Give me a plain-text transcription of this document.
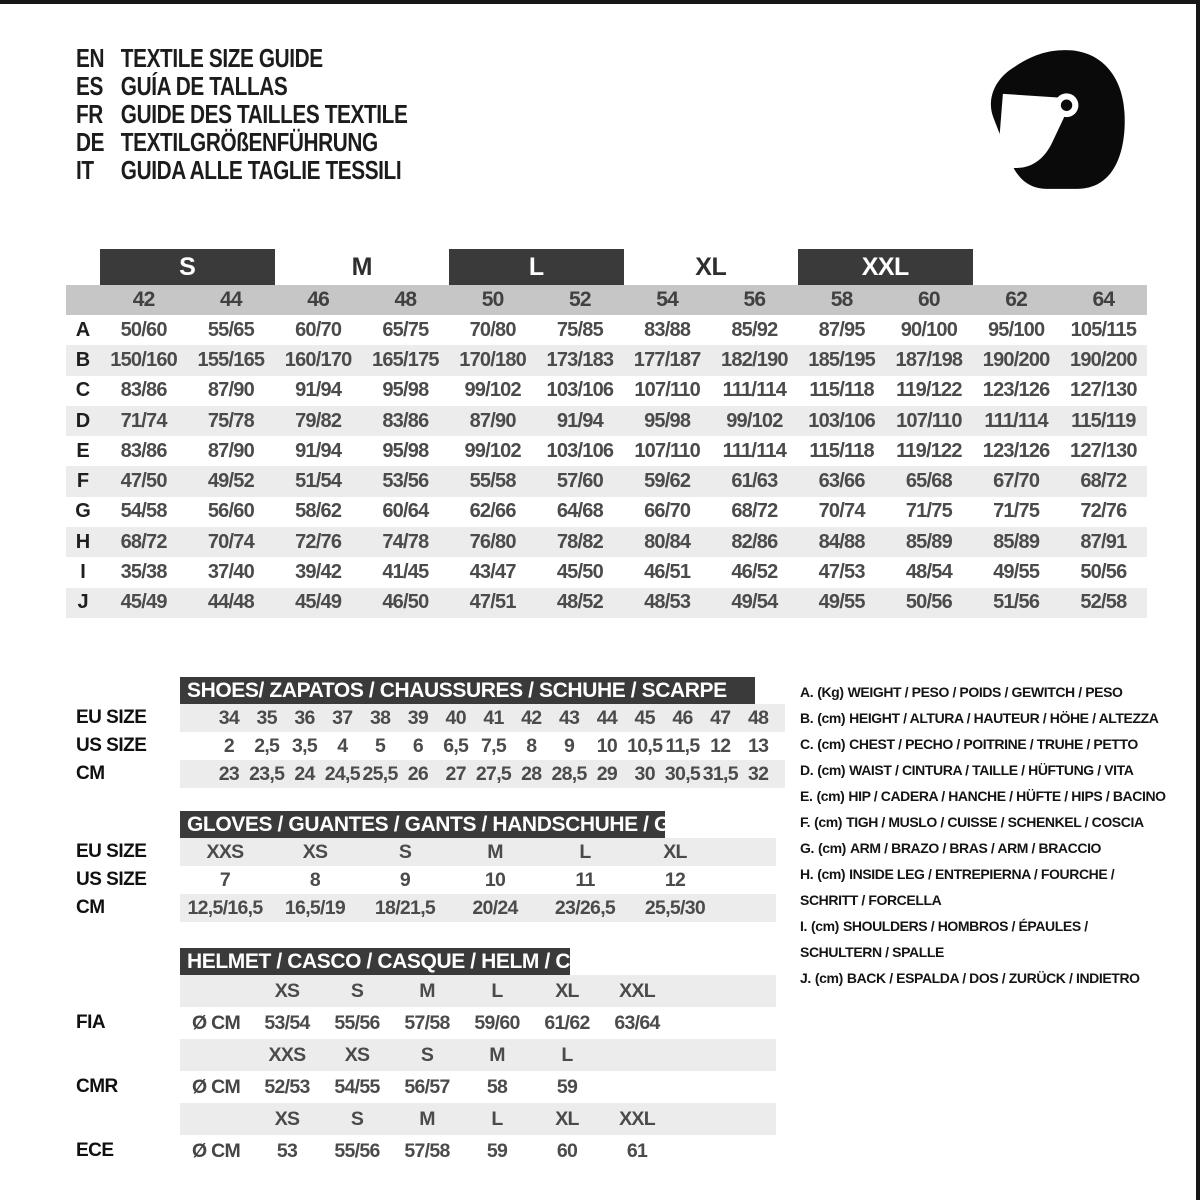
EN TEXTILE SIZE GUIDE
ES GUÍA DE TALLAS
FR GUIDE DES TAILLES TEXTILE
DE TEXTILGRÖßENFÜHRUNG
IT	GUIDA ALLE TAGLIE TESSILI
S	M	L	XL	XXL
42	44	46	48	50	52	54	56	58	60	62	64
A	50/60	55/65	60/70	65/75	70/80	75/85	83/88	85/92	87/95	90/100	95/100	105/115
B	150/160	155/165	160/170	165/175	170/180	173/183	177/187	182/190	185/195	187/198	190/200	190/200
C	83/86	87/90	91/94	95/98	99/102	103/106	107/110	111/114	115/118	119/122	123/126	127/130
D	71/74	75/78	79/82	83/86	87/90	91/94	95/98	99/102	103/106	107/110	111/114	115/119
E	83/86	87/90	91/94	95/98	99/102	103/106	107/110	111/114	115/118	119/122	123/126	127/130
F	47/50	49/52	51/54	53/56	55/58	57/60	59/62	61/63	63/66	65/68	67/70	68/72
G	54/58	56/60	58/62	60/64	62/66	64/68	66/70	68/72	70/74	71/75	71/75	72/76
H	68/72	70/74	72/76	74/78	76/80	78/82	80/84	82/86	84/88	85/89	85/89	87/91
I	35/38	37/40	39/42	41/45	43/47	45/50	46/51	46/52	47/53	48/54	49/55	50/56
J	45/49	44/48	45/49	46/50	47/51	48/52	48/53	49/54	49/55	50/56	51/56	52/58
SHOES/ ZAPATOS / CHAUSSURES / SCHUHE / SCARPE
EU SIZE	34 35 36 37 38 39 40 41 42 43 44 45 46 47 48
US SIZE	2	2,5 3,5	4	5	6	6,5 7,5	8	9	10 10,5 11,5 12 13
CM	23 23,5 24 24,5 25,5 26 27 27,5 28 28,5 29 30 30,5 31,5 32
GLOVES / GUANTES / GANTS / HANDSCHUHE / GUANTI
EU SIZE	XXS	XS	S	M	L	XL
US SIZE	7	8	9	10	11	12
CM	12,5/16,5	16,5/19	18/21,5	20/24	23/26,5	25,5/30
HELMET / CASCO / CASQUE / HELM / CASCO
XS	S	M	L	XL	XXL
FIA	Ø CM	53/54	55/56	57/58	59/60	61/62	63/64
XXS	XS	S	M	L
CMR	Ø CM	52/53	54/55	56/57	58	59
XS	S	M	L	XL	XXL
ECE	Ø CM	53	55/56	57/58	59	60	61
A. (Kg) WEIGHT / PESO / POIDS / GEWITCH / PESO
B. (cm) HEIGHT / ALTURA / HAUTEUR / HÖHE / ALTEZZA
C. (cm) CHEST / PECHO / POITRINE / TRUHE / PETTO
D. (cm) WAIST / CINTURA / TAILLE / HÜFTUNG / VITA
E. (cm) HIP / CADERA / HANCHE / HÜFTE / HIPS / BACINO
F. (cm) TIGH / MUSLO / CUISSE / SCHENKEL / COSCIA
G. (cm) ARM / BRAZO / BRAS / ARM / BRACCIO
H. (cm) INSIDE LEG / ENTREPIERNA / FOURCHE / SCHRITT / FORCELLA
I. (cm) SHOULDERS / HOMBROS / ÉPAULES / SCHULTERN / SPALLE
J. (cm) BACK / ESPALDA / DOS / ZURÜCK / INDIETRO
